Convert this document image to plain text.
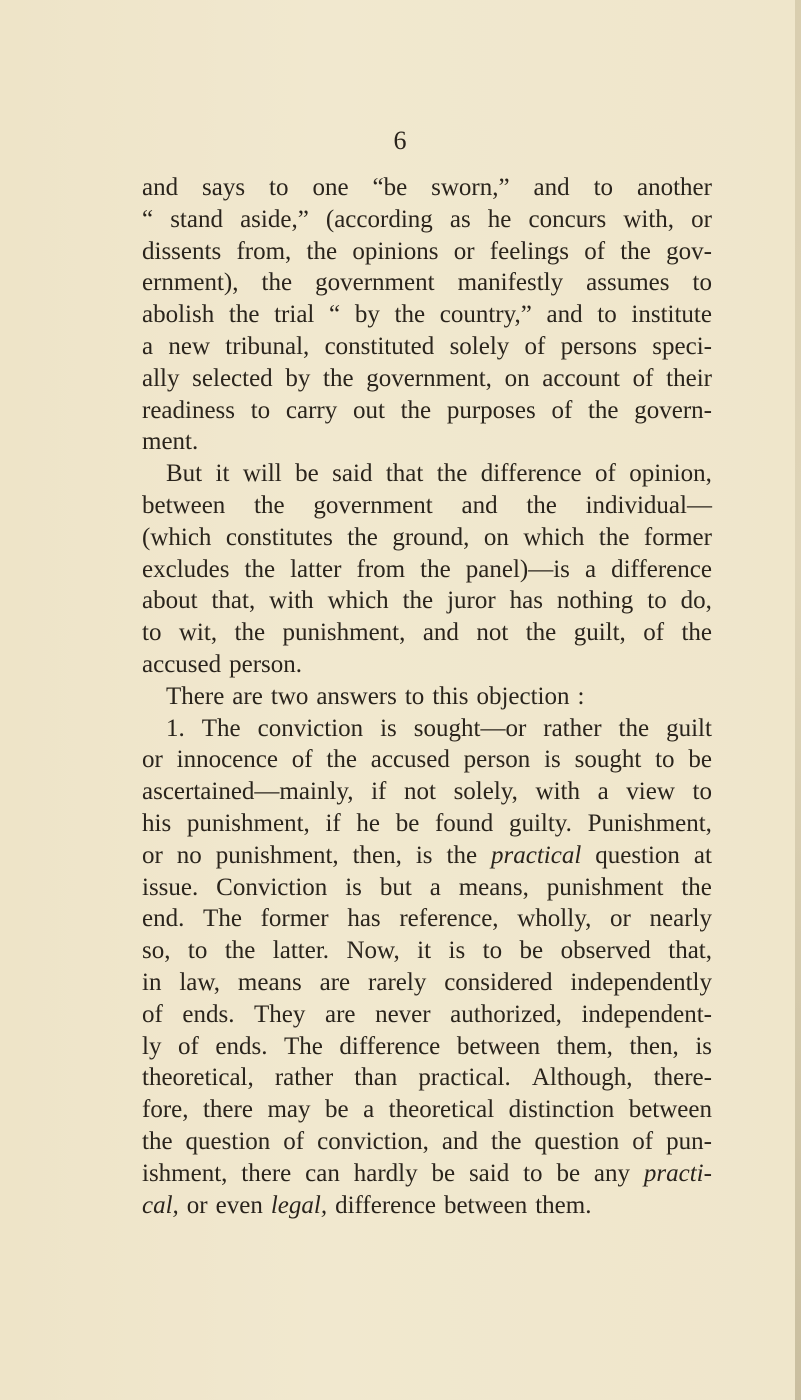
6
and says to one “be sworn,” and to another
“ stand aside,” (according as he concurs with, or
dissents from, the opinions or feelings of the gov-
ernment), the government manifestly assumes to
abolish the trial “ by the country,” and to institute
a new tribunal, constituted solely of persons speci-
ally selected by the government, on account of their
readiness to carry out the purposes of the govern-
ment.
But it will be said that the difference of opinion,
between the government and the individual—
(which constitutes the ground, on which the former
excludes the latter from the panel)—is a difference
about that, with which the juror has nothing to do,
to wit, the punishment, and not the guilt, of the
accused person.
There are two answers to this objection :
1. The conviction is sought—or rather the guilt
or innocence of the accused person is sought to be
ascertained—mainly, if not solely, with a view to
his punishment, if he be found guilty. Punishment,
or no punishment, then, is the practical question at
issue. Conviction is but a means, punishment the
end. The former has reference, wholly, or nearly
so, to the latter. Now, it is to be observed that,
in law, means are rarely considered independently
of ends. They are never authorized, independent-
ly of ends. The difference between them, then, is
theoretical, rather than practical. Although, there-
fore, there may be a theoretical distinction between
the question of conviction, and the question of pun-
ishment, there can hardly be said to be any practi-
cal, or even legal, difference between them.
